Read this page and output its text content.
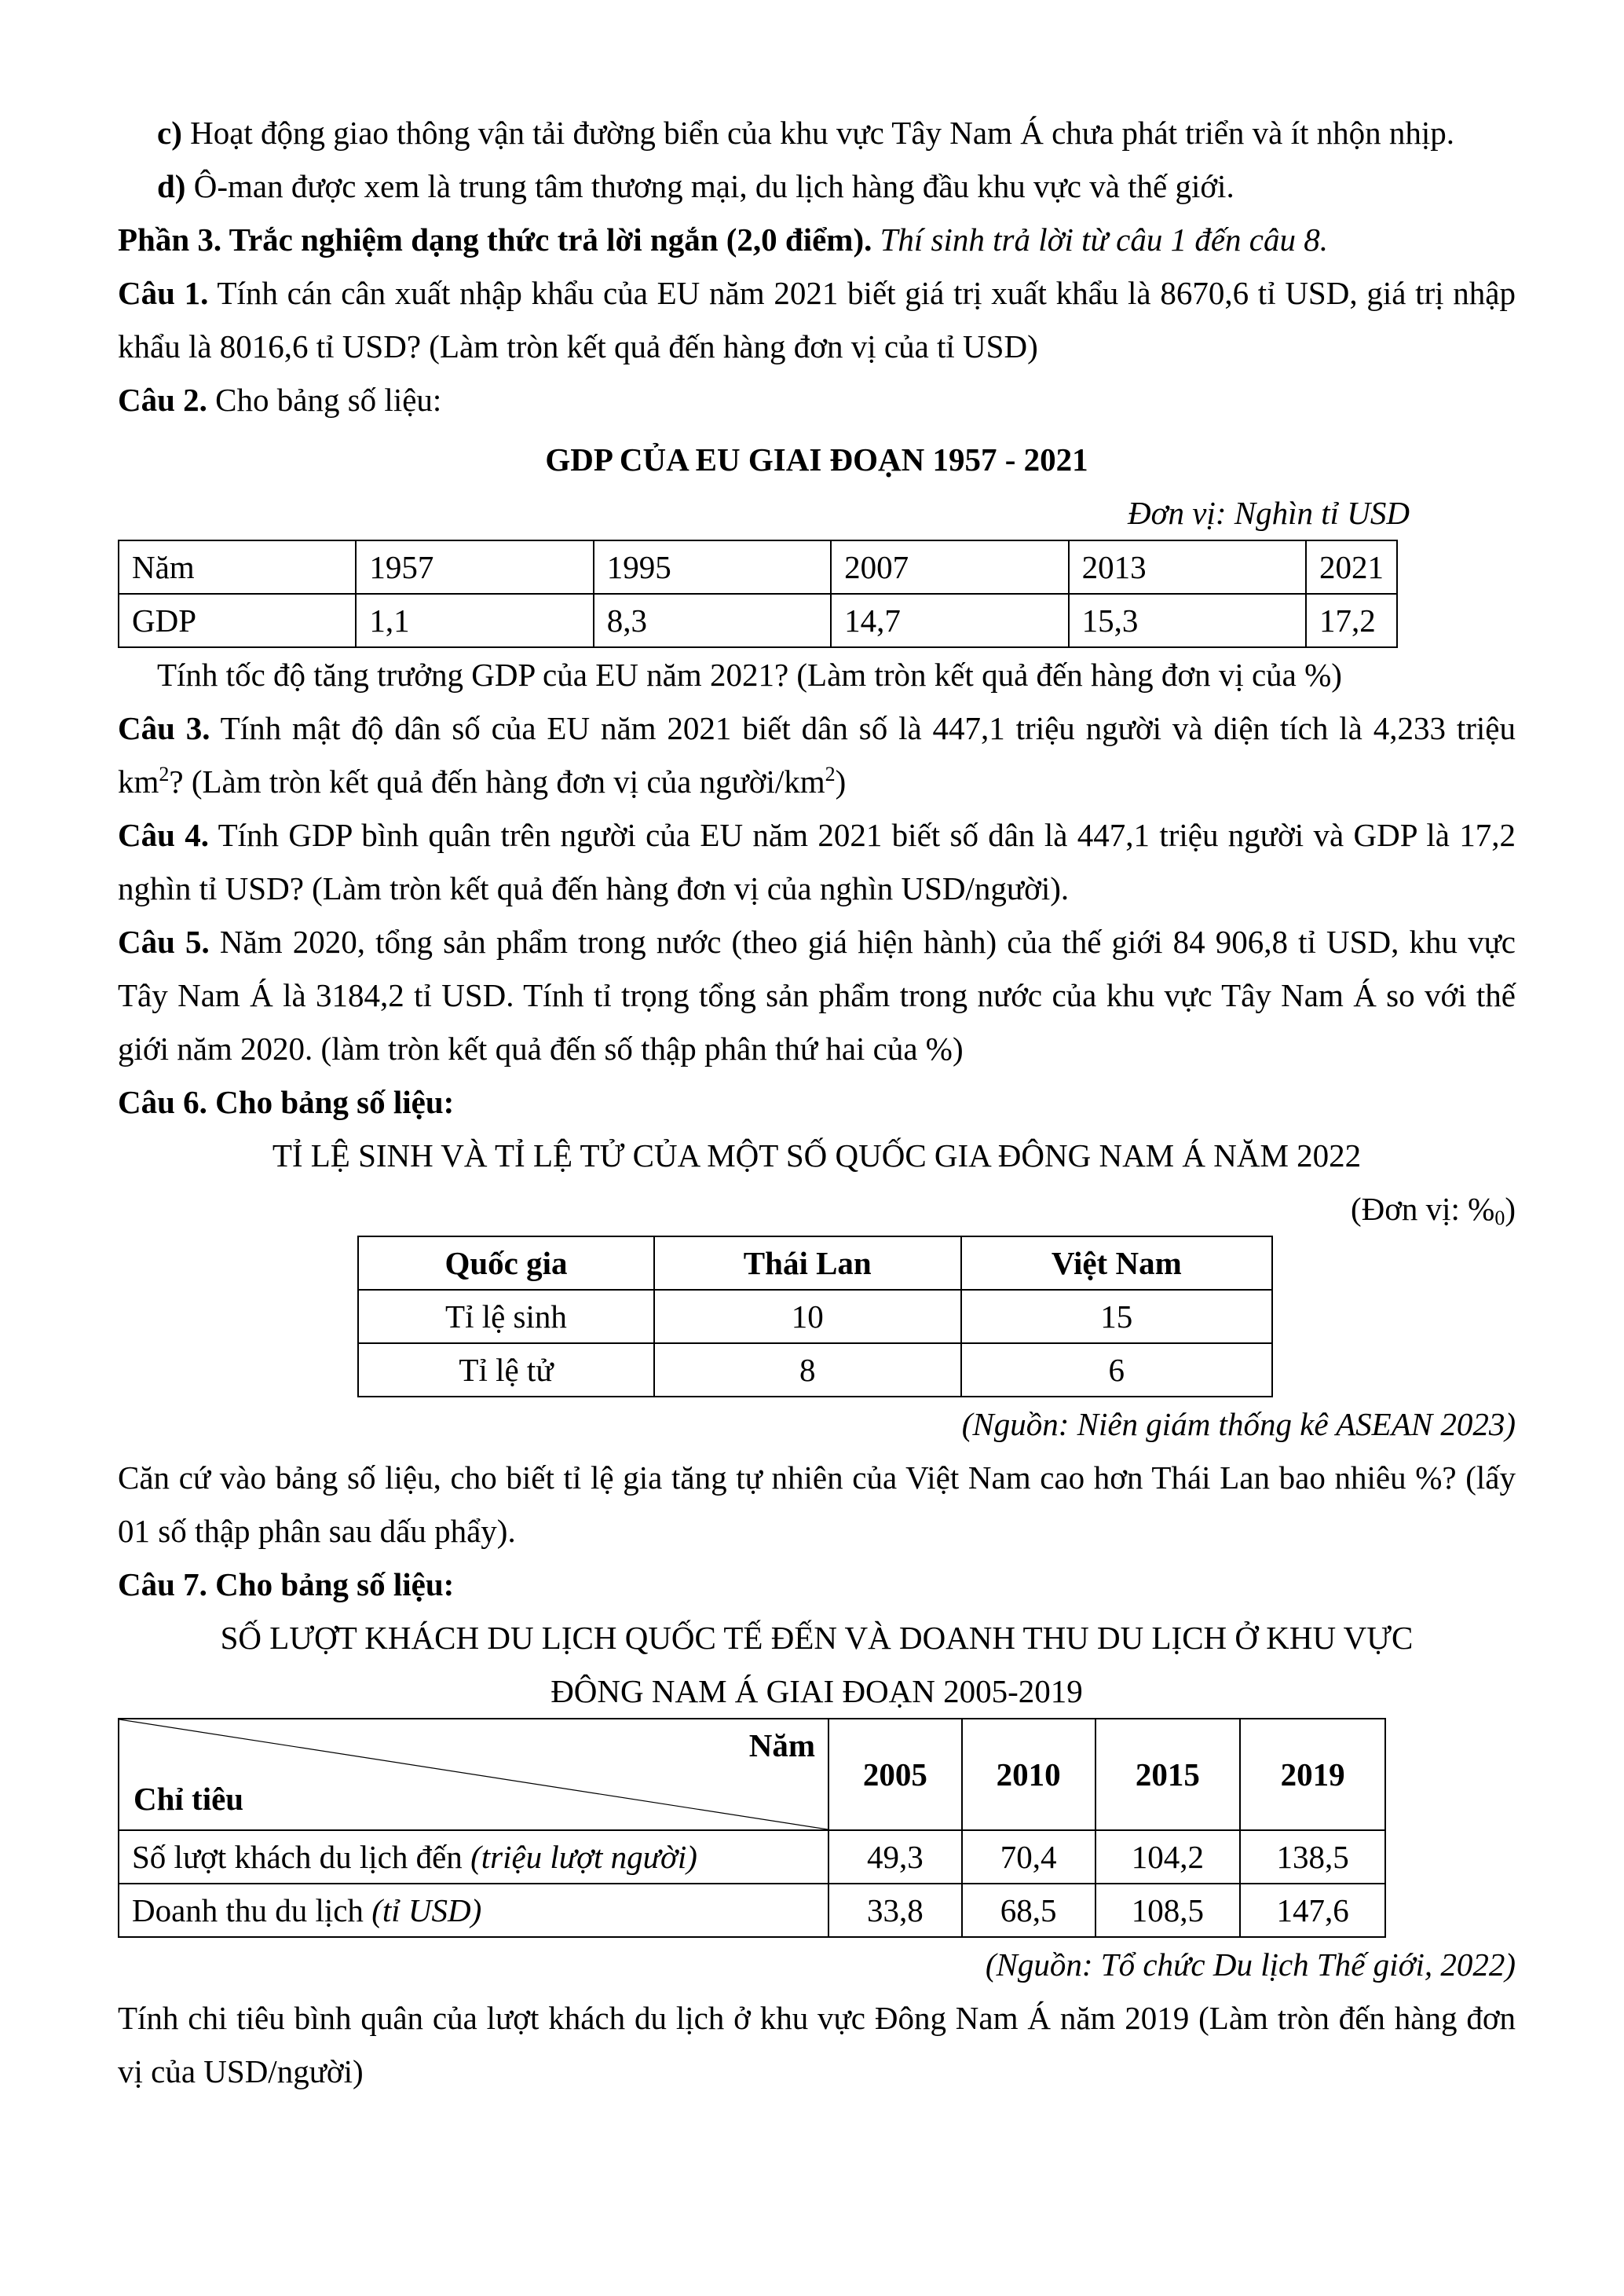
c) Hoạt động giao thông vận tải đường biển của khu vực Tây Nam Á chưa phát triển và ít nhộn nhịp.

d) Ô-man được xem là trung tâm thương mại, du lịch hàng đầu khu vực và thế giới.

Phần 3. Trắc nghiệm dạng thức trả lời ngắn (2,0 điểm). Thí sinh trả lời từ câu 1 đến câu 8.

Câu 1. Tính cán cân xuất nhập khẩu của EU năm 2021 biết giá trị xuất khẩu là 8670,6 tỉ USD, giá trị nhập khẩu là 8016,6 tỉ USD? (Làm tròn kết quả đến hàng đơn vị của tỉ USD)

Câu 2. Cho bảng số liệu:

GDP CỦA EU GIAI ĐOẠN 1957 - 2021

Đơn vị: Nghìn tỉ USD

Năm	1957	1995	2007	2013	2021
GDP	1,1	8,3	14,7	15,3	17,2

Tính tốc độ tăng trưởng GDP của EU năm 2021? (Làm tròn kết quả đến hàng đơn vị của %)

Câu 3. Tính mật độ dân số của EU năm 2021 biết dân số là 447,1 triệu người và diện tích là 4,233 triệu $km^2$? (Làm tròn kết quả đến hàng đơn vị của người/$km^2$)

Câu 4. Tính GDP bình quân trên người của EU năm 2021 biết số dân là 447,1 triệu người và GDP là 17,2 nghìn tỉ USD? (Làm tròn kết quả đến hàng đơn vị của nghìn USD/người).

Câu 5. Năm 2020, tổng sản phẩm trong nước (theo giá hiện hành) của thế giới 84 906,8 tỉ USD, khu vực Tây Nam Á là 3184,2 tỉ USD. Tính tỉ trọng tổng sản phẩm trong nước của khu vực Tây Nam Á so với thế giới năm 2020. (làm tròn kết quả đến số thập phân thứ hai của %)

Câu 6. Cho bảng số liệu:

TỈ LỆ SINH VÀ TỈ LỆ TỬ CỦA MỘT SỐ QUỐC GIA ĐÔNG NAM Á NĂM 2022

(Đơn vị: $\%_0$)

Quốc gia	Thái Lan	Việt Nam
Tỉ lệ sinh	10	15
Tỉ lệ tử	8	6

(Nguồn: Niên giám thống kê ASEAN 2023)

Căn cứ vào bảng số liệu, cho biết tỉ lệ gia tăng tự nhiên của Việt Nam cao hơn Thái Lan bao nhiêu %? (lấy 01 số thập phân sau dấu phẩy).

Câu 7. Cho bảng số liệu:

SỐ LƯỢT KHÁCH DU LỊCH QUỐC TẾ ĐẾN VÀ DOANH THU DU LỊCH Ở KHU VỰC

ĐÔNG NAM Á GIAI ĐOẠN 2005-2019

Năm
Chỉ tiêu	2005	2010	2015	2019
Số lượt khách du lịch đến (triệu lượt người)	49,3	70,4	104,2	138,5
Doanh thu du lịch (tỉ USD)	33,8	68,5	108,5	147,6

(Nguồn: Tổ chức Du lịch Thế giới, 2022)

Tính chi tiêu bình quân của lượt khách du lịch ở khu vực Đông Nam Á năm 2019 (Làm tròn đến hàng đơn vị của USD/người)
